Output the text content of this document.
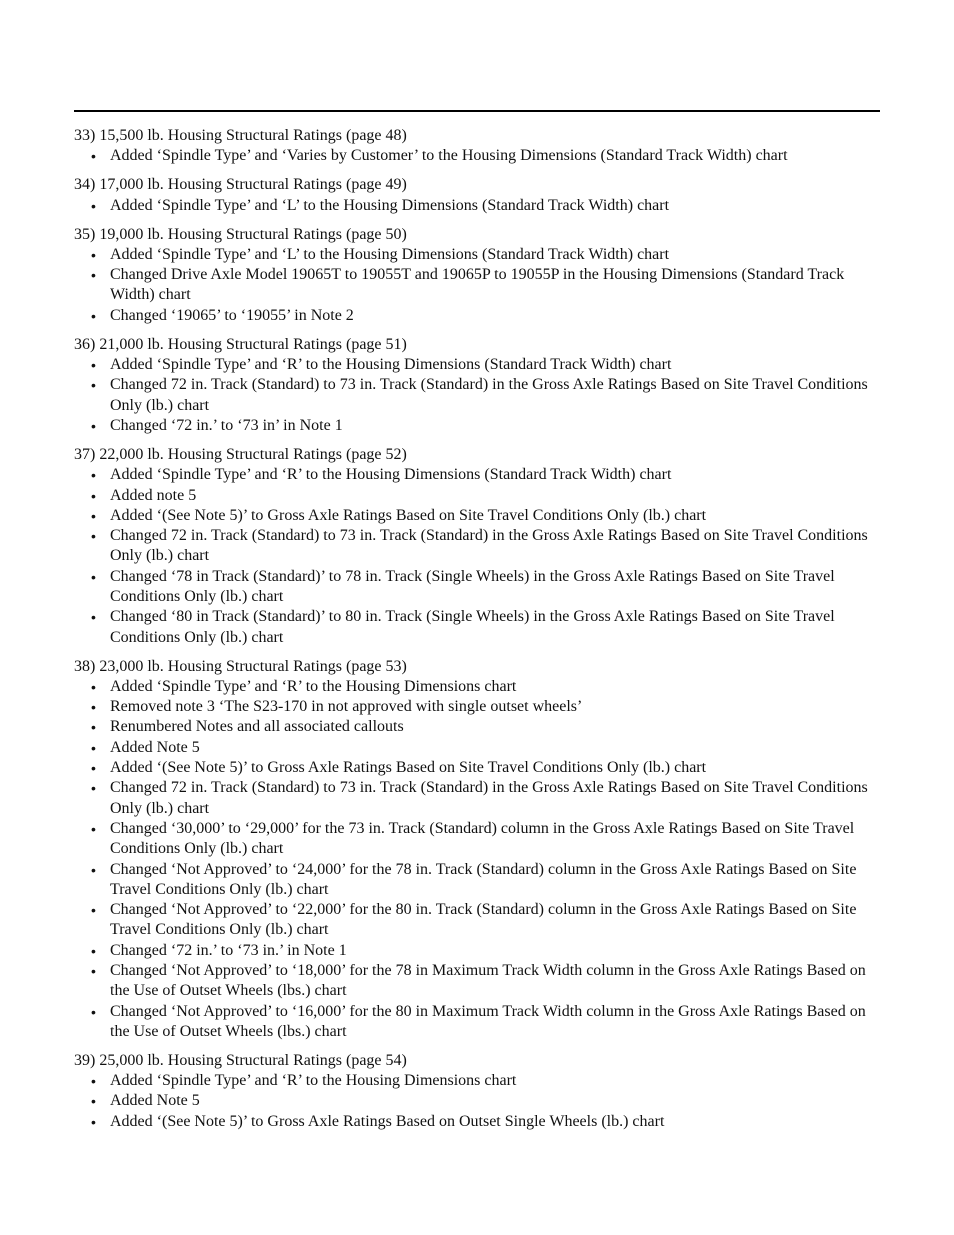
33) 15,500 lb. Housing Structural Ratings (page 48)
• Added ‘Spindle Type’ and ‘Varies by Customer’ to the Housing Dimensions (Standard Track Width) chart
34) 17,000 lb. Housing Structural Ratings (page 49)
• Added ‘Spindle Type’ and ‘L’ to the Housing Dimensions (Standard Track Width) chart
35) 19,000 lb. Housing Structural Ratings (page 50)
• Added ‘Spindle Type’ and ‘L’ to the Housing Dimensions (Standard Track Width) chart
• Changed Drive Axle Model 19065T to 19055T and 19065P to 19055P in the Housing Dimensions (Standard Track Width) chart
• Changed ‘19065’ to ‘19055’ in Note 2
36) 21,000 lb. Housing Structural Ratings (page 51)
• Added ‘Spindle Type’ and ‘R’ to the Housing Dimensions (Standard Track Width) chart
• Changed 72 in. Track (Standard) to 73 in. Track (Standard) in the Gross Axle Ratings Based on Site Travel Conditions Only (lb.) chart
• Changed ‘72 in.’ to ‘73 in’ in Note 1
37) 22,000 lb. Housing Structural Ratings (page 52)
• Added ‘Spindle Type’ and ‘R’ to the Housing Dimensions (Standard Track Width) chart
• Added note 5
• Added ‘(See Note 5)’ to Gross Axle Ratings Based on Site Travel Conditions Only (lb.) chart
• Changed 72 in. Track (Standard) to 73 in. Track (Standard) in the Gross Axle Ratings Based on Site Travel Conditions Only (lb.) chart
• Changed ‘78 in Track (Standard)’ to 78 in. Track (Single Wheels) in the Gross Axle Ratings Based on Site Travel Conditions Only (lb.) chart
• Changed ‘80 in Track (Standard)’ to 80 in. Track (Single Wheels) in the Gross Axle Ratings Based on Site Travel Conditions Only (lb.) chart
38) 23,000 lb. Housing Structural Ratings (page 53)
• Added ‘Spindle Type’ and ‘R’ to the Housing Dimensions chart
• Removed note 3 ‘The S23-170 in not approved with single outset wheels’
• Renumbered Notes and all associated callouts
• Added Note 5
• Added ‘(See Note 5)’ to Gross Axle Ratings Based on Site Travel Conditions Only (lb.) chart
• Changed 72 in. Track (Standard) to 73 in. Track (Standard) in the Gross Axle Ratings Based on Site Travel Conditions Only (lb.) chart
• Changed ‘30,000’ to ‘29,000’ for the 73 in. Track (Standard) column in the Gross Axle Ratings Based on Site Travel Conditions Only (lb.) chart
• Changed ‘Not Approved’ to ‘24,000’ for the 78 in. Track (Standard) column in the Gross Axle Ratings Based on Site Travel Conditions Only (lb.) chart
• Changed ‘Not Approved’ to ‘22,000’ for the 80 in. Track (Standard) column in the Gross Axle Ratings Based on Site Travel Conditions Only (lb.) chart
• Changed ‘72 in.’ to ‘73 in.’ in Note 1
• Changed ‘Not Approved’ to ‘18,000’ for the 78 in Maximum Track Width column in the Gross Axle Ratings Based on the Use of Outset Wheels (lbs.) chart
• Changed ‘Not Approved’ to ‘16,000’ for the 80 in Maximum Track Width column in the Gross Axle Ratings Based on the Use of Outset Wheels (lbs.) chart
39) 25,000 lb. Housing Structural Ratings (page 54)
• Added ‘Spindle Type’ and ‘R’ to the Housing Dimensions chart
• Added Note 5
• Added ‘(See Note 5)’ to Gross Axle Ratings Based on Outset Single Wheels (lb.) chart
